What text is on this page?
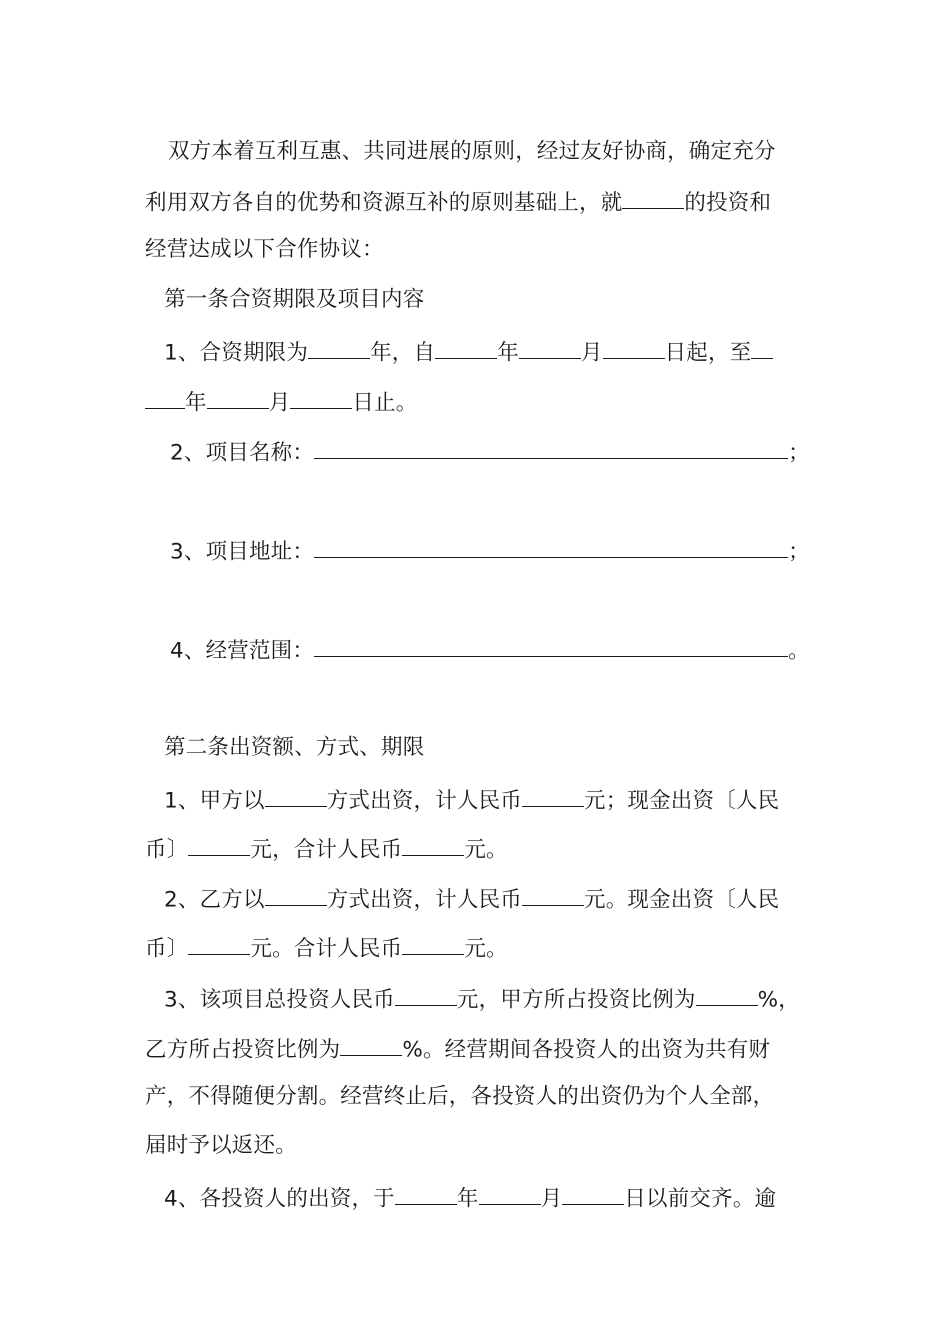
双方本着互利互惠、共同进展的原则，经过友好协商，确定充分
利用双方各自的优势和资源互补的原则基础上，就	的投资和
经营达成以下合作协议：
第一条合资期限及项目内容
1、合资期限为	年，自	年	月	日起，至
年	月	日止。
2、项目名称：	；
3、项目地址：	；
4、经营范围：	。
第二条出资额、方式、期限
1、甲方以	方式出资，计人民币	元；现金出资〔人民
币〕	元，合计人民币	元。
2、乙方以	方式出资，计人民币	元。现金出资〔人民
币〕	元。合计人民币	元。
3、该项目总投资人民币	元，甲方所占投资比例为	%，
乙方所占投资比例为	%。经营期间各投资人的出资为共有财
产，不得随便分割。经营终止后，各投资人的出资仍为个人全部，
届时予以返还。
4、各投资人的出资，于	年	月	日以前交齐。逾
